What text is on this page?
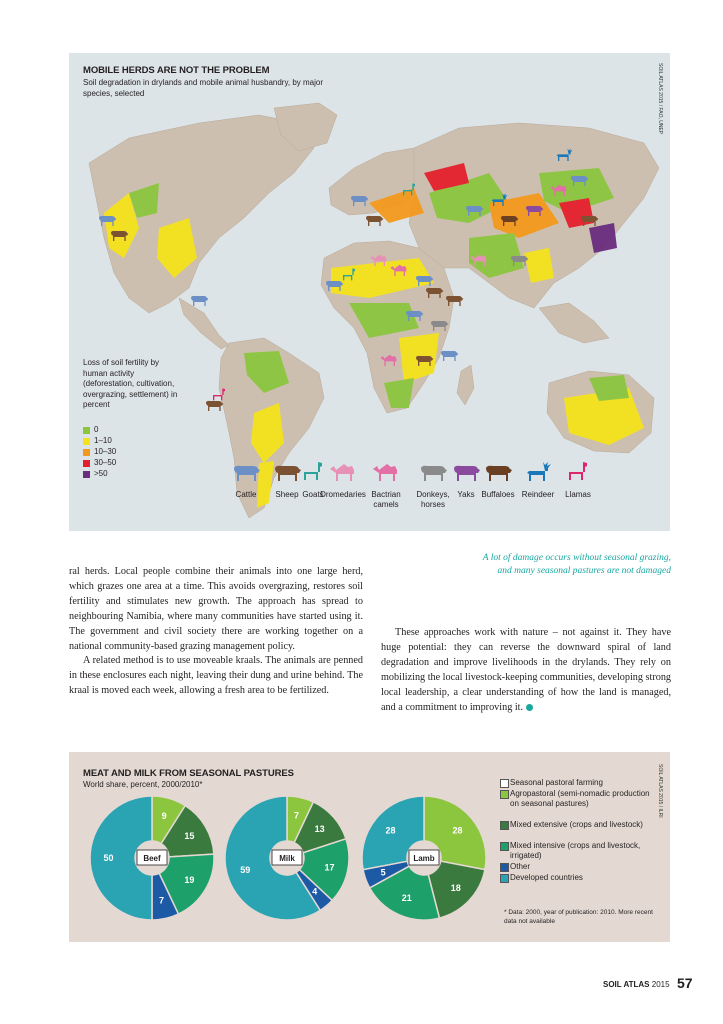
MOBILE HERDS ARE NOT THE PROBLEM
Soil degradation in drylands and mobile animal husbandry, by major species, selected	SOIL ATLAS 2015 / FAO, UNEP
Loss of soil fertility by human activity (deforestation, cultivation, overgrazing, settlement) in percent
0
1–10
10–30
30–50
>50
Cattle	Sheep Goats
Dromedaries Bactrian
camels
Donkeys,
horses
Yaks Buffaloes Reindeer	Llamas

ral herds. Local people combine their animals into one large herd, which grazes one area at a time. This avoids overgrazing, restores soil fertility and stimulates new growth. The approach has spread to neighbouring Namibia, where many communities have started using it. The government and civil society there are working together on a national community-based grazing management policy.

A related method is to use moveable kraals. The animals are penned in these enclosures each night, leaving their dung and urine behind. The kraal is moved each week, allowing a fresh area to be fertilized.

A lot of damage occurs without seasonal grazing, and many seasonal pastures are not damaged

These approaches work with nature – not against it. They have huge potential: they can reverse the downward spiral of land degradation and improve livelihoods in the drylands. They rely on mobilizing the local livestock-keeping communities, developing strong local leadership, a clear understanding of how the land is managed, and a commitment to improving it.

MEAT AND MILK FROM SEASONAL PASTURES
World share, percent, 2000/2010*	SOIL ATLAS 2015 / ILRI
9
15
19
7
50	Beef
7
13
17
4
59
Milk
28
18
21
5
28
Lamb
Seasonal pastoral farming
Agropastoral (semi-nomadic production on seasonal pastures)
Mixed extensive (crops and livestock)
Mixed intensive (crops and livestock, irrigated)
Other
Developed countries
* Data: 2000, year of publication: 2010. More recent data not available
SOIL ATLAS 2015 57
